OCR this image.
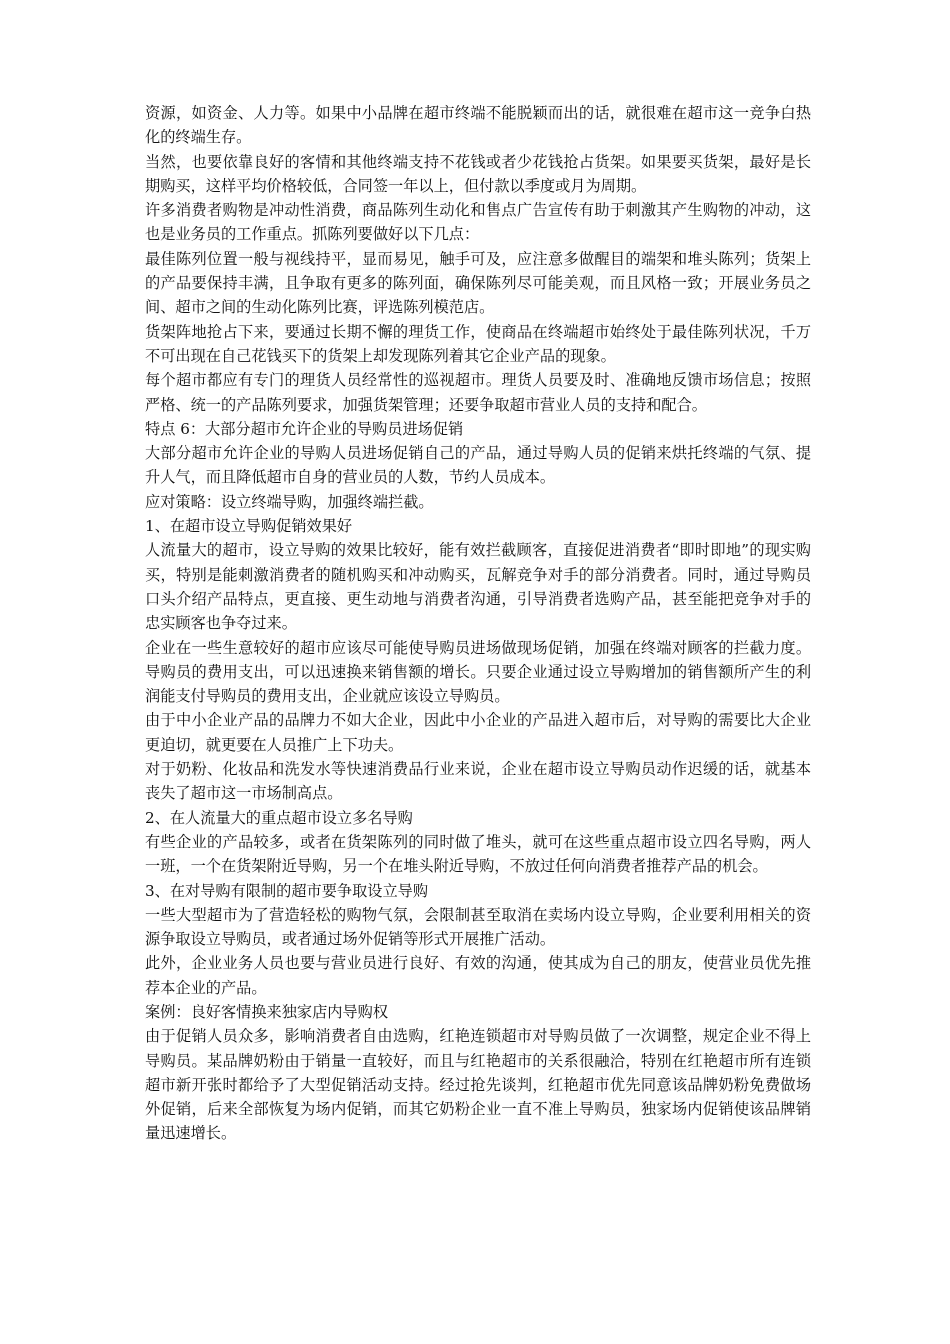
资源，如资金、人力等。如果中小品牌在超市终端不能脱颖而出的话，就很难在超市这一竞争白热化的终端生存。

当然，也要依靠良好的客情和其他终端支持不花钱或者少花钱抢占货架。如果要买货架，最好是长期购买，这样平均价格较低，合同签一年以上，但付款以季度或月为周期。

许多消费者购物是冲动性消费，商品陈列生动化和售点广告宣传有助于刺激其产生购物的冲动，这也是业务员的工作重点。抓陈列要做好以下几点：

最佳陈列位置一般与视线持平，显而易见，触手可及，应注意多做醒目的端架和堆头陈列；货架上的产品要保持丰满，且争取有更多的陈列面，确保陈列尽可能美观，而且风格一致；开展业务员之间、超市之间的生动化陈列比赛，评选陈列模范店。

货架阵地抢占下来，要通过长期不懈的理货工作，使商品在终端超市始终处于最佳陈列状况，千万不可出现在自己花钱买下的货架上却发现陈列着其它企业产品的现象。

每个超市都应有专门的理货人员经常性的巡视超市。理货人员要及时、准确地反馈市场信息；按照严格、统一的产品陈列要求，加强货架管理；还要争取超市营业人员的支持和配合。

特点 6：大部分超市允许企业的导购员进场促销

大部分超市允许企业的导购人员进场促销自己的产品，通过导购人员的促销来烘托终端的气氛、提升人气，而且降低超市自身的营业员的人数，节约人员成本。

应对策略：设立终端导购，加强终端拦截。

1、在超市设立导购促销效果好

人流量大的超市，设立导购的效果比较好，能有效拦截顾客，直接促进消费者“即时即地”的现实购买，特别是能刺激消费者的随机购买和冲动购买，瓦解竞争对手的部分消费者。同时，通过导购员口头介绍产品特点，更直接、更生动地与消费者沟通，引导消费者选购产品，甚至能把竞争对手的忠实顾客也争夺过来。

企业在一些生意较好的超市应该尽可能使导购员进场做现场促销，加强在终端对顾客的拦截力度。导购员的费用支出，可以迅速换来销售额的增长。只要企业通过设立导购增加的销售额所产生的利润能支付导购员的费用支出，企业就应该设立导购员。

由于中小企业产品的品牌力不如大企业，因此中小企业的产品进入超市后，对导购的需要比大企业更迫切，就更要在人员推广上下功夫。

对于奶粉、化妆品和洗发水等快速消费品行业来说，企业在超市设立导购员动作迟缓的话，就基本丧失了超市这一市场制高点。

2、在人流量大的重点超市设立多名导购

有些企业的产品较多，或者在货架陈列的同时做了堆头，就可在这些重点超市设立四名导购，两人一班，一个在货架附近导购，另一个在堆头附近导购，不放过任何向消费者推荐产品的机会。

3、在对导购有限制的超市要争取设立导购

一些大型超市为了营造轻松的购物气氛，会限制甚至取消在卖场内设立导购，企业要利用相关的资源争取设立导购员，或者通过场外促销等形式开展推广活动。

此外，企业业务人员也要与营业员进行良好、有效的沟通，使其成为自己的朋友，使营业员优先推荐本企业的产品。

案例：良好客情换来独家店内导购权

由于促销人员众多，影响消费者自由选购，红艳连锁超市对导购员做了一次调整，规定企业不得上导购员。某品牌奶粉由于销量一直较好，而且与红艳超市的关系很融洽，特别在红艳超市所有连锁超市新开张时都给予了大型促销活动支持。经过抢先谈判，红艳超市优先同意该品牌奶粉免费做场外促销，后来全部恢复为场内促销，而其它奶粉企业一直不准上导购员，独家场内促销使该品牌销量迅速增长。
